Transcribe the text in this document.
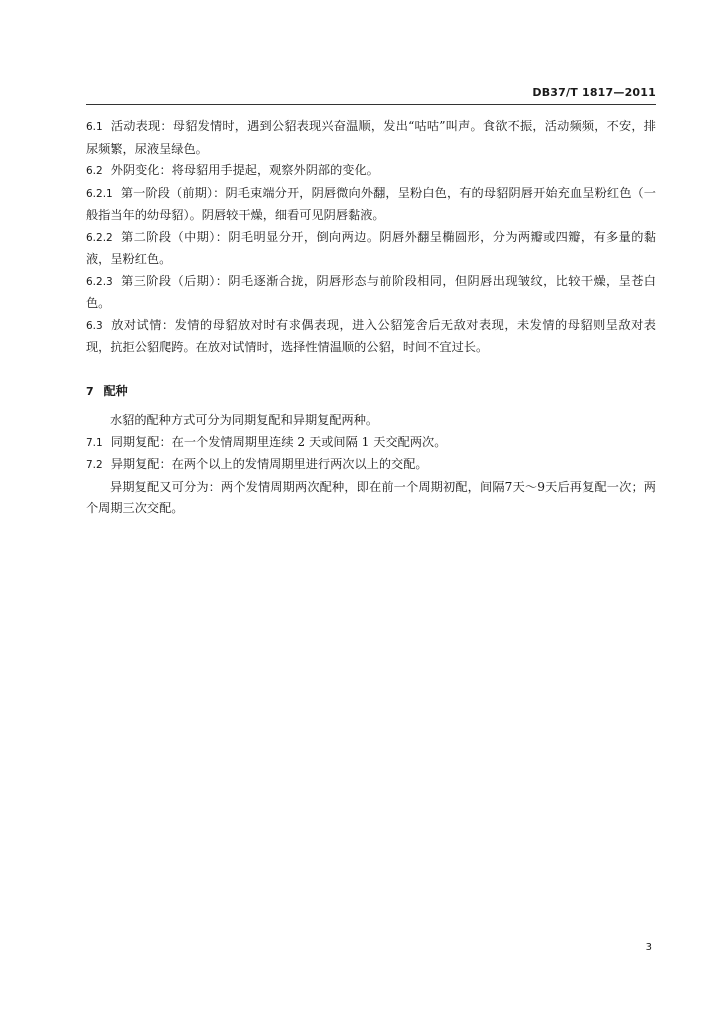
DB37/T 1817—2011

6.1 活动表现：母貂发情时，遇到公貂表现兴奋温顺，发出“咕咕”叫声。食欲不振，活动频频，不安，排尿频繁，尿液呈绿色。

6.2 外阴变化：将母貂用手提起，观察外阴部的变化。

6.2.1 第一阶段（前期）：阴毛束端分开，阴唇微向外翻，呈粉白色，有的母貂阴唇开始充血呈粉红色（一般指当年的幼母貂）。阴唇较干燥，细看可见阴唇黏液。

6.2.2 第二阶段（中期）：阴毛明显分开，倒向两边。阴唇外翻呈椭圆形，分为两瓣或四瓣，有多量的黏液，呈粉红色。

6.2.3 第三阶段（后期）：阴毛逐渐合拢，阴唇形态与前阶段相同，但阴唇出现皱纹，比较干燥，呈苍白色。

6.3 放对试情：发情的母貂放对时有求偶表现，进入公貂笼舍后无敌对表现，未发情的母貂则呈敌对表现，抗拒公貂爬跨。在放对试情时，选择性情温顺的公貂，时间不宜过长。

7 配种

水貂的配种方式可分为同期复配和异期复配两种。

7.1 同期复配：在一个发情周期里连续 2 天或间隔 1 天交配两次。

7.2 异期复配：在两个以上的发情周期里进行两次以上的交配。

异期复配又可分为：两个发情周期两次配种，即在前一个周期初配，间隔7天～9天后再复配一次；两个周期三次交配。

3
